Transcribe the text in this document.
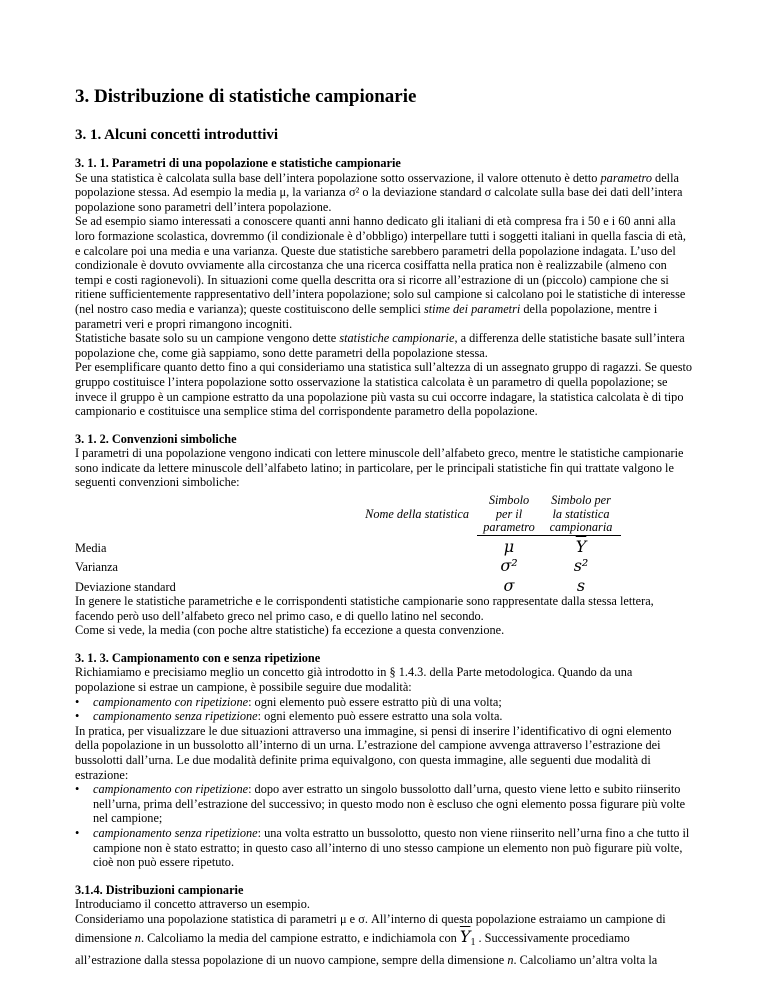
3. Distribuzione di statistiche campionarie
3. 1. Alcuni concetti introduttivi
3. 1. 1. Parametri di una popolazione e statistiche campionarie

Se una statistica è calcolata sulla base dell’intera popolazione sotto osservazione, il valore ottenuto è detto parametro della popolazione stessa. Ad esempio la media μ, la varianza σ² o la deviazione standard σ calcolate sulla base dei dati dell’intera popolazione sono parametri dell’intera popolazione.

Se ad esempio siamo interessati a conoscere quanti anni hanno dedicato gli italiani di età compresa fra i 50 e i 60 anni alla loro formazione scolastica, dovremmo (il condizionale è d’obbligo) interpellare tutti i soggetti italiani in quella fascia di età, e calcolare poi una media e una varianza. Queste due statistiche sarebbero parametri della popolazione indagata. L’uso del condizionale è dovuto ovviamente alla circostanza che una ricerca cosiffatta nella pratica non è realizzabile (almeno con tempi e costi ragionevoli). In situazioni come quella descritta ora si ricorre all’estrazione di un (piccolo) campione che si ritiene sufficientemente rappresentativo dell’intera popolazione; solo sul campione si calcolano poi le statistiche di interesse (nel nostro caso media e varianza); queste costituiscono delle semplici stime dei parametri della popolazione, mentre i parametri veri e propri rimangono incogniti.

Statistiche basate solo su un campione vengono dette statistiche campionarie, a differenza delle statistiche basate sull’intera popolazione che, come già sappiamo, sono dette parametri della popolazione stessa.

Per esemplificare quanto detto fino a qui consideriamo una statistica sull’altezza di un assegnato gruppo di ragazzi. Se questo gruppo costituisce l’intera popolazione sotto osservazione la statistica calcolata è un parametro di quella popolazione; se invece il gruppo è un campione estratto da una popolazione più vasta su cui occorre indagare, la statistica calcolata è di tipo campionario e costituisce una semplice stima del corrispondente parametro della popolazione.

3. 1. 2. Convenzioni simboliche

I parametri di una popolazione vengono indicati con lettere minuscole dell’alfabeto greco, mentre le statistiche campionarie sono indicate da lettere minuscole dell’alfabeto latino; in particolare, per le principali statistiche fin qui trattate valgono le seguenti convenzioni simboliche:

		Simbolo	Simbolo per
	Nome della statistica	per il	la statistica
		parametro	campionaria
Media		μ	$\overline{Y}$
Varianza		σ²	s²
Deviazione standard		σ	s

In genere le statistiche parametriche e le corrispondenti statistiche campionarie sono rappresentate dalla stessa lettera, facendo però uso dell’alfabeto greco nel primo caso, e di quello latino nel secondo.

Come si vede, la media (con poche altre statistiche) fa eccezione a questa convenzione.

3. 1. 3. Campionamento con e senza ripetizione

Richiamiamo e precisiamo meglio un concetto già introdotto in § 1.4.3. della Parte metodologica. Quando da una popolazione si estrae un campione, è possibile seguire due modalità:

• campionamento con ripetizione: ogni elemento può essere estratto più di una volta;
• campionamento senza ripetizione: ogni elemento può essere estratto una sola volta.

In pratica, per visualizzare le due situazioni attraverso una immagine, si pensi di inserire l’identificativo di ogni elemento della popolazione in un bussolotto all’interno di un urna. L’estrazione del campione avvenga attraverso l’estrazione dei bussolotti dall’urna. Le due modalità definite prima equivalgono, con questa immagine, alle seguenti due modalità di estrazione:

• campionamento con ripetizione: dopo aver estratto un singolo bussolotto dall’urna, questo viene letto e subito riinserito nell’urna, prima dell’estrazione del successivo; in questo modo non è escluso che ogni elemento possa figurare più volte nel campione;
• campionamento senza ripetizione: una volta estratto un bussolotto, questo non viene riinserito nell’urna fino a che tutto il campione non è stato estratto; in questo caso all’interno di uno stesso campione un elemento non può figurare più volte, cioè non può essere ripetuto.
3.1.4. Distribuzioni campionarie

Introduciamo il concetto attraverso un esempio.

Consideriamo una popolazione statistica di parametri μ e σ. All’interno di questa popolazione estraiamo un campione di

dimensione n. Calcoliamo la media del campione estratto, e indichiamola con $\overline{Y}_1$ . Successivamente procediamo

all’estrazione dalla stessa popolazione di un nuovo campione, sempre della dimensione n. Calcoliamo un’altra volta la
